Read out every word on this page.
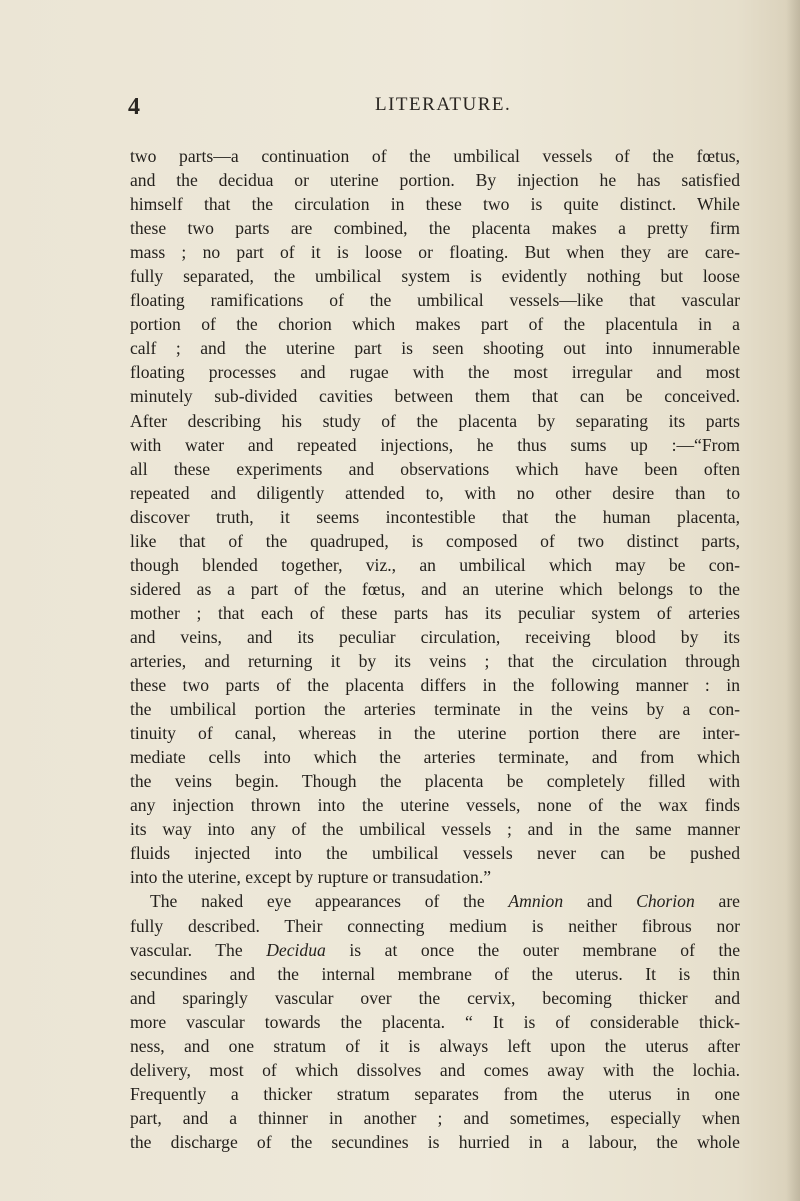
4	LITERATURE.
two parts—a continuation of the umbilical vessels of the fœtus,
and the decidua or uterine portion. By injection he has satisfied
himself that the circulation in these two is quite distinct. While
these two parts are combined, the placenta makes a pretty firm
mass ; no part of it is loose or floating. But when they are care-
fully separated, the umbilical system is evidently nothing but loose
floating ramifications of the umbilical vessels—like that vascular
portion of the chorion which makes part of the placentula in a
calf ; and the uterine part is seen shooting out into innumerable
floating processes and rugae with the most irregular and most
minutely sub-divided cavities between them that can be conceived.
After describing his study of the placenta by separating its parts
with water and repeated injections, he thus sums up :—“From
all these experiments and observations which have been often
repeated and diligently attended to, with no other desire than to
discover truth, it seems incontestible that the human placenta,
like that of the quadruped, is composed of two distinct parts,
though blended together, viz., an umbilical which may be con-
sidered as a part of the fœtus, and an uterine which belongs to the
mother ; that each of these parts has its peculiar system of arteries
and veins, and its peculiar circulation, receiving blood by its
arteries, and returning it by its veins ; that the circulation through
these two parts of the placenta differs in the following manner : in
the umbilical portion the arteries terminate in the veins by a con-
tinuity of canal, whereas in the uterine portion there are inter-
mediate cells into which the arteries terminate, and from which
the veins begin. Though the placenta be completely filled with
any injection thrown into the uterine vessels, none of the wax finds
its way into any of the umbilical vessels ; and in the same manner
fluids injected into the umbilical vessels never can be pushed
into the uterine, except by rupture or transudation.”
The naked eye appearances of the Amnion and Chorion are
fully described. Their connecting medium is neither fibrous nor
vascular. The Decidua is at once the outer membrane of the
secundines and the internal membrane of the uterus. It is thin
and sparingly vascular over the cervix, becoming thicker and
more vascular towards the placenta. “ It is of considerable thick-
ness, and one stratum of it is always left upon the uterus after
delivery, most of which dissolves and comes away with the lochia.
Frequently a thicker stratum separates from the uterus in one
part, and a thinner in another ; and sometimes, especially when
the discharge of the secundines is hurried in a labour, the whole
